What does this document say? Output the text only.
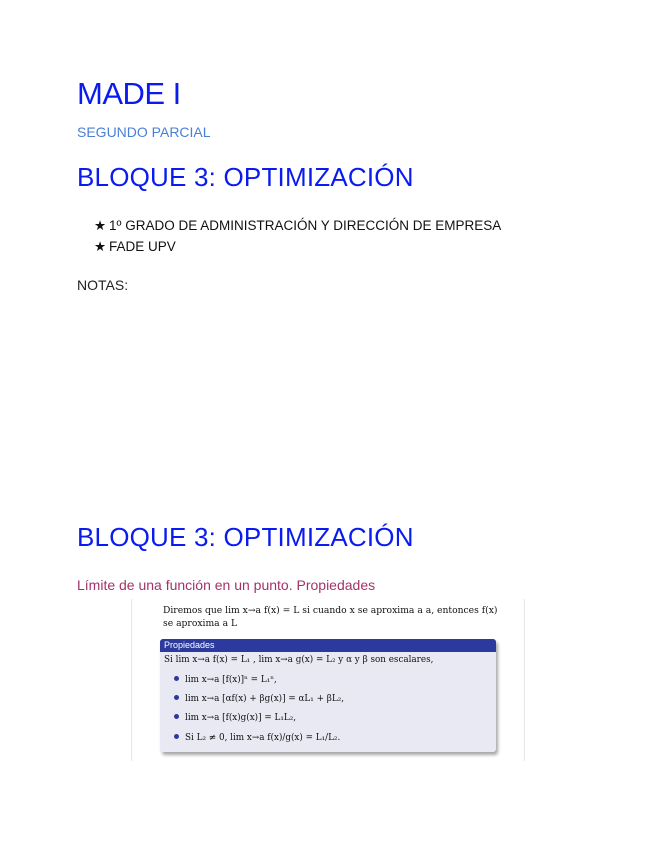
MADE I
SEGUNDO PARCIAL
BLOQUE 3: OPTIMIZACIÓN
★ 1º GRADO DE ADMINISTRACIÓN Y DIRECCIÓN DE EMPRESA
★ FADE UPV
NOTAS:
BLOQUE 3: OPTIMIZACIÓN
Límite de una función en un punto. Propiedades
Diremos que lim x→a f(x) = L si cuando x se aproxima a a, entonces f(x)
se aproxima a L
Propiedades
Si lim x→a f(x) = L₁ , lim x→a g(x) = L₂ y α y β son escalares,
lim x→a [f(x)]ⁿ = L₁ⁿ,
lim x→a [αf(x) + βg(x)] = αL₁ + βL₂,
lim x→a [f(x)g(x)] = L₁L₂,
Si L₂ ≠ 0, lim x→a f(x)/g(x) = L₁/L₂.
